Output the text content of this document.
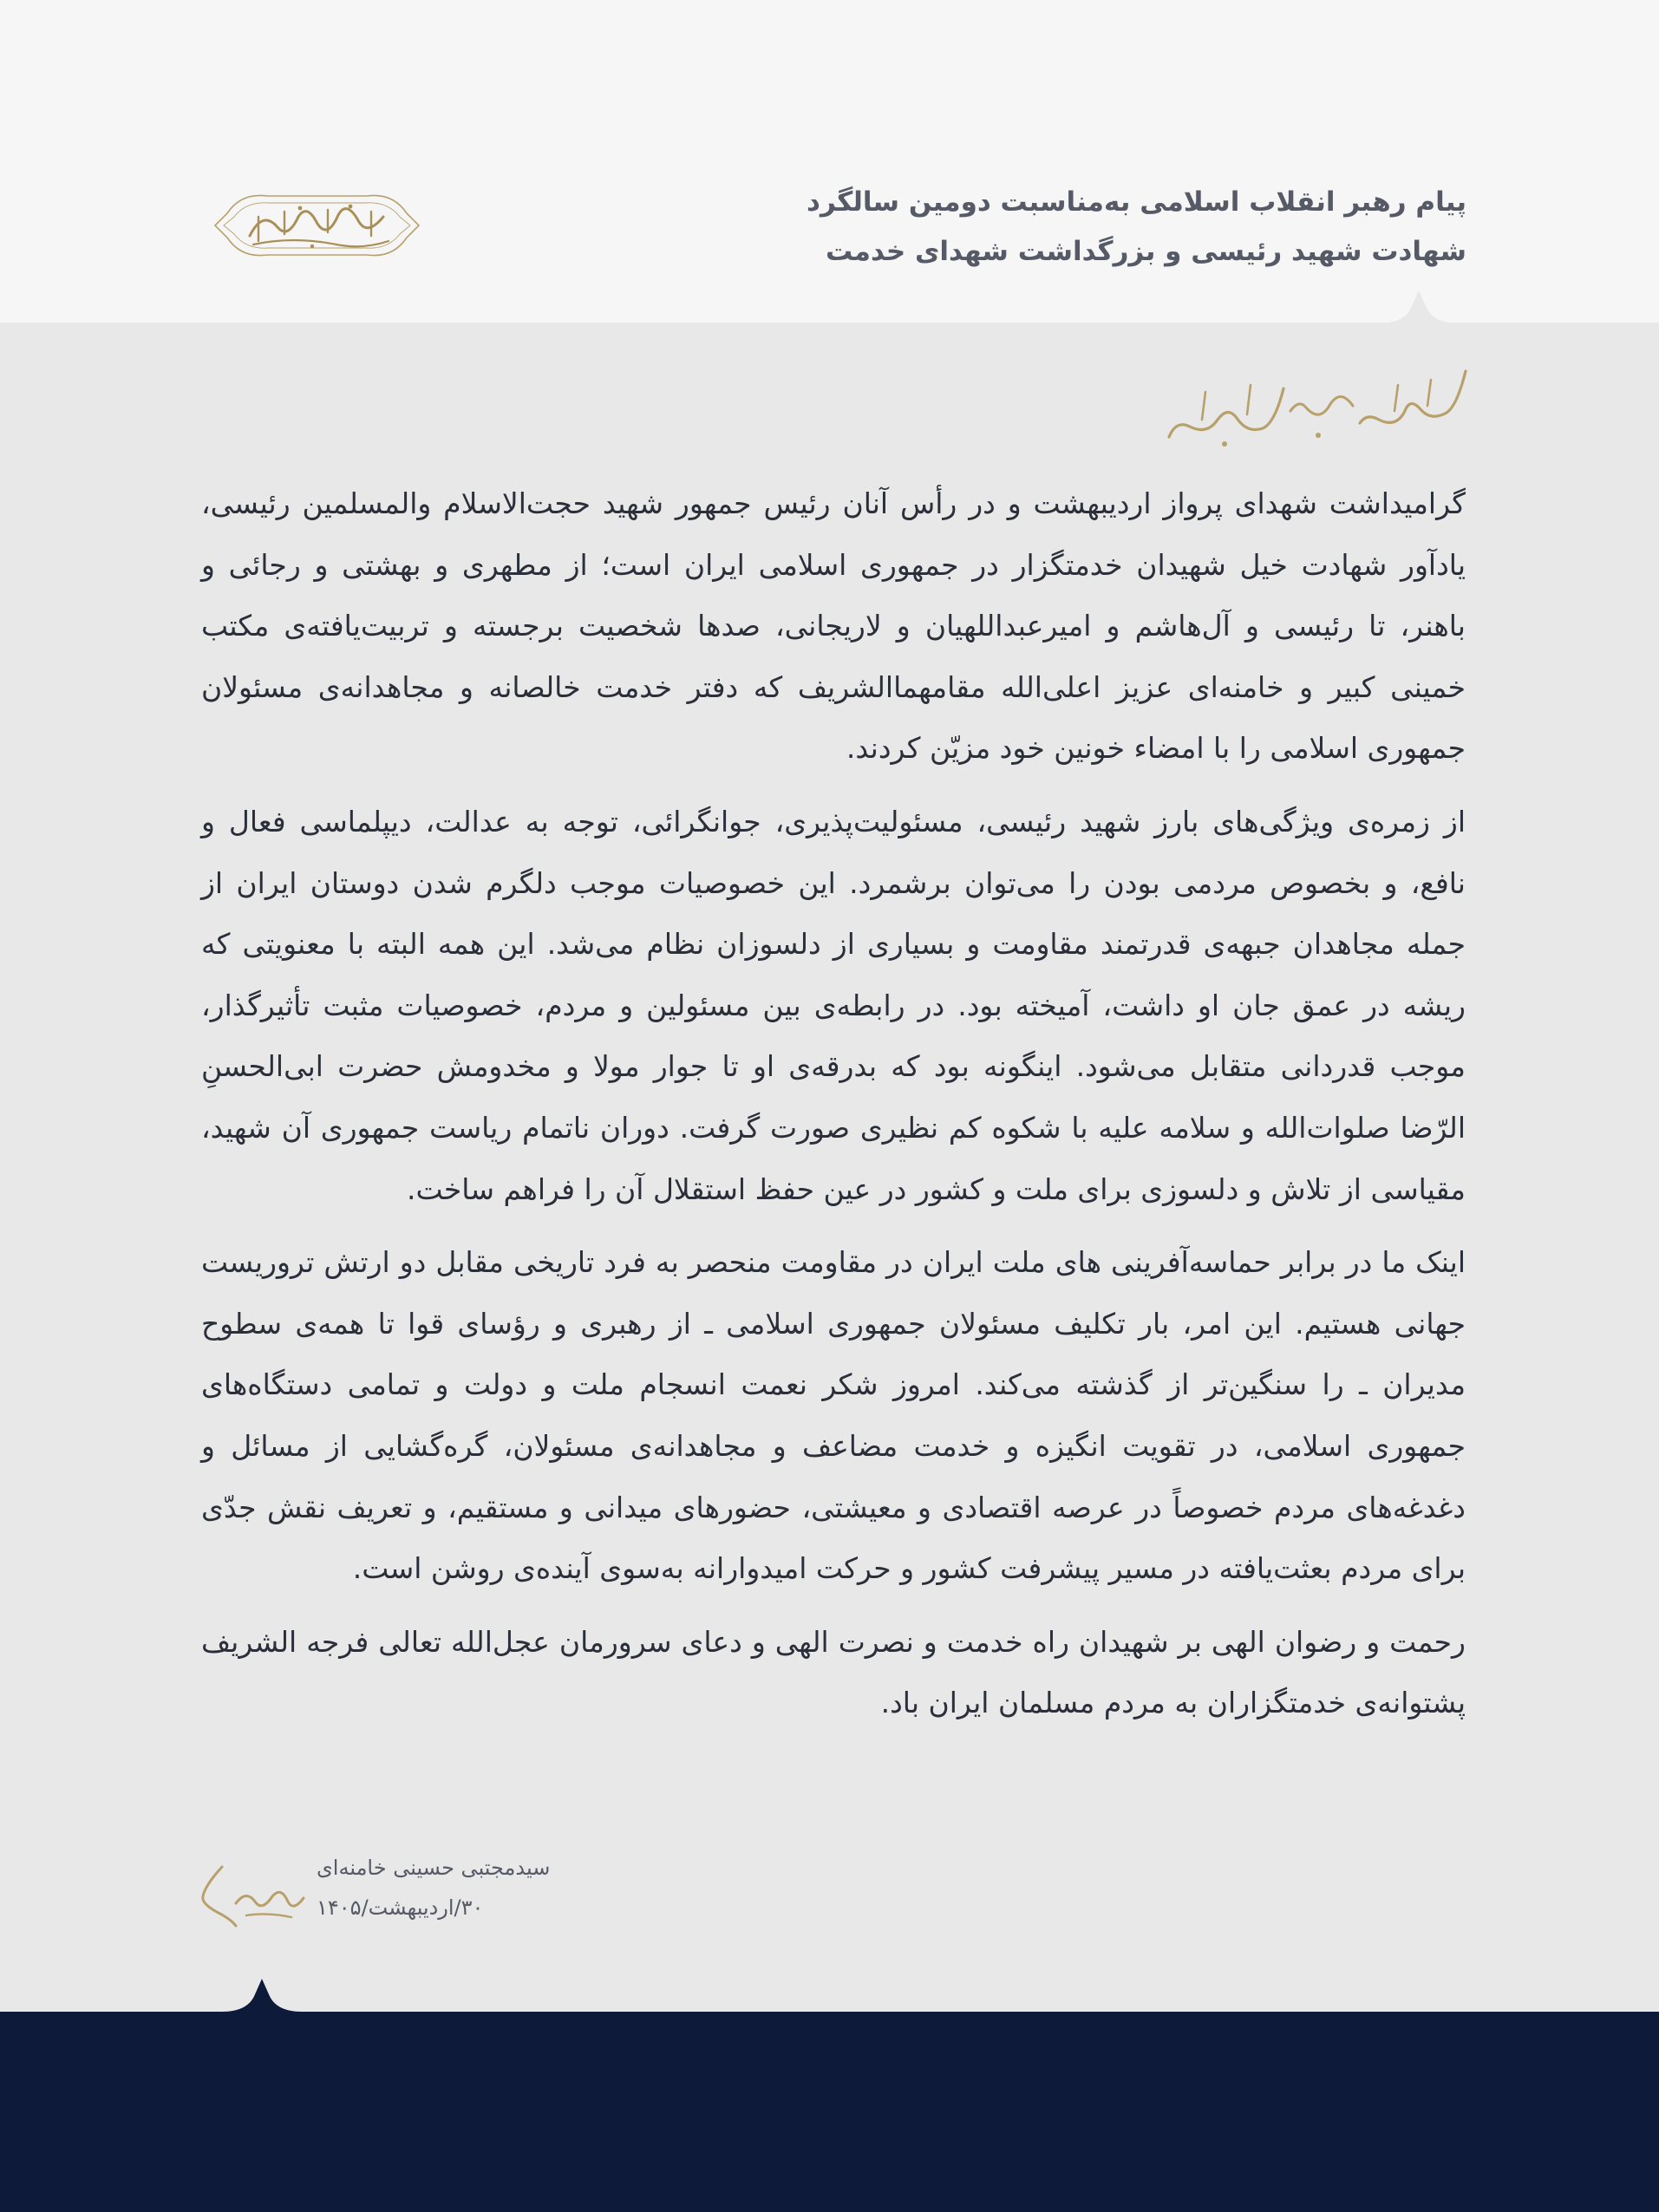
پیام رهبر انقلاب اسلامی به‌مناسبت دومین سالگرد
شهادت شهید رئیسی و بزرگداشت شهدای خدمت

گرامیداشت شهدای پرواز اردیبهشت و در رأس آنان رئیس جمهور شهید حجت‌الاسلام والمسلمین رئیسی، یادآور شهادت خیل شهیدان خدمتگزار در جمهوری اسلامی ایران است؛ از مطهری و بهشتی و رجائی و باهنر، تا رئیسی و آل‌هاشم و امیرعبداللهیان و لاریجانی، صدها شخصیت برجسته و تربیت‌یافته‌ی مکتب خمینی کبیر و خامنه‌ای عزیز اعلی‌الله مقامهماالشریف که دفتر خدمت خالصانه و مجاهدانه‌ی مسئولان جمهوری اسلامی را با امضاء خونین خود مزیّن کردند.

از زمره‌ی ویژگی‌های بارز شهید رئیسی، مسئولیت‌پذیری، جوانگرائی، توجه به عدالت، دیپلماسی فعال و نافع، و بخصوص مردمی بودن را می‌توان برشمرد. این خصوصیات موجب دلگرم شدن دوستان ایران از جمله مجاهدان جبهه‌ی قدرتمند مقاومت و بسیاری از دلسوزان نظام می‌شد. این همه البته با معنویتی که ریشه در عمق جان او داشت، آمیخته بود. در رابطه‌ی بین مسئولین و مردم، خصوصیات مثبت تأثیرگذار، موجب قدردانی متقابل می‌شود. اینگونه بود که بدرقه‌ی او تا جوار مولا و مخدومش حضرت ابی‌الحسنِ الرّضا صلوات‌الله و سلامه علیه با شکوه کم نظیری صورت گرفت. دوران ناتمام ریاست جمهوری آن شهید، مقیاسی از تلاش و دلسوزی برای ملت و کشور در عین حفظ استقلال آن را فراهم ساخت.

اینک ما در برابر حماسه‌آفرینی های ملت ایران در مقاومت منحصر به فرد تاریخی مقابل دو ارتش تروریست جهانی هستیم. این امر، بار تکلیف مسئولان جمهوری اسلامی ـ از رهبری و رؤسای قوا تا همه‌ی سطوح مدیران ـ را سنگین‌تر از گذشته می‌کند. امروز شکر نعمت انسجام ملت و دولت و تمامی دستگاه‌های جمهوری اسلامی، در تقویت انگیزه و خدمت مضاعف و مجاهدانه‌ی مسئولان، گره‌گشایی از مسائل و دغدغه‌های مردم خصوصاً در عرصه اقتصادی و معیشتی، حضورهای میدانی و مستقیم، و تعریف نقش جدّی برای مردم بعثت‌یافته در مسیر پیشرفت کشور و حرکت امیدوارانه به‌سوی آینده‌ی روشن است.

رحمت و رضوان الهی بر شهیدان راه خدمت و نصرت الهی و دعای سرورمان عجل‌الله تعالی فرجه الشریف پشتوانه‌ی خدمتگزاران به مردم مسلمان ایران باد.

سیدمجتبی حسینی خامنه‌ای
۳۰/اردیبهشت/۱۴۰۵
